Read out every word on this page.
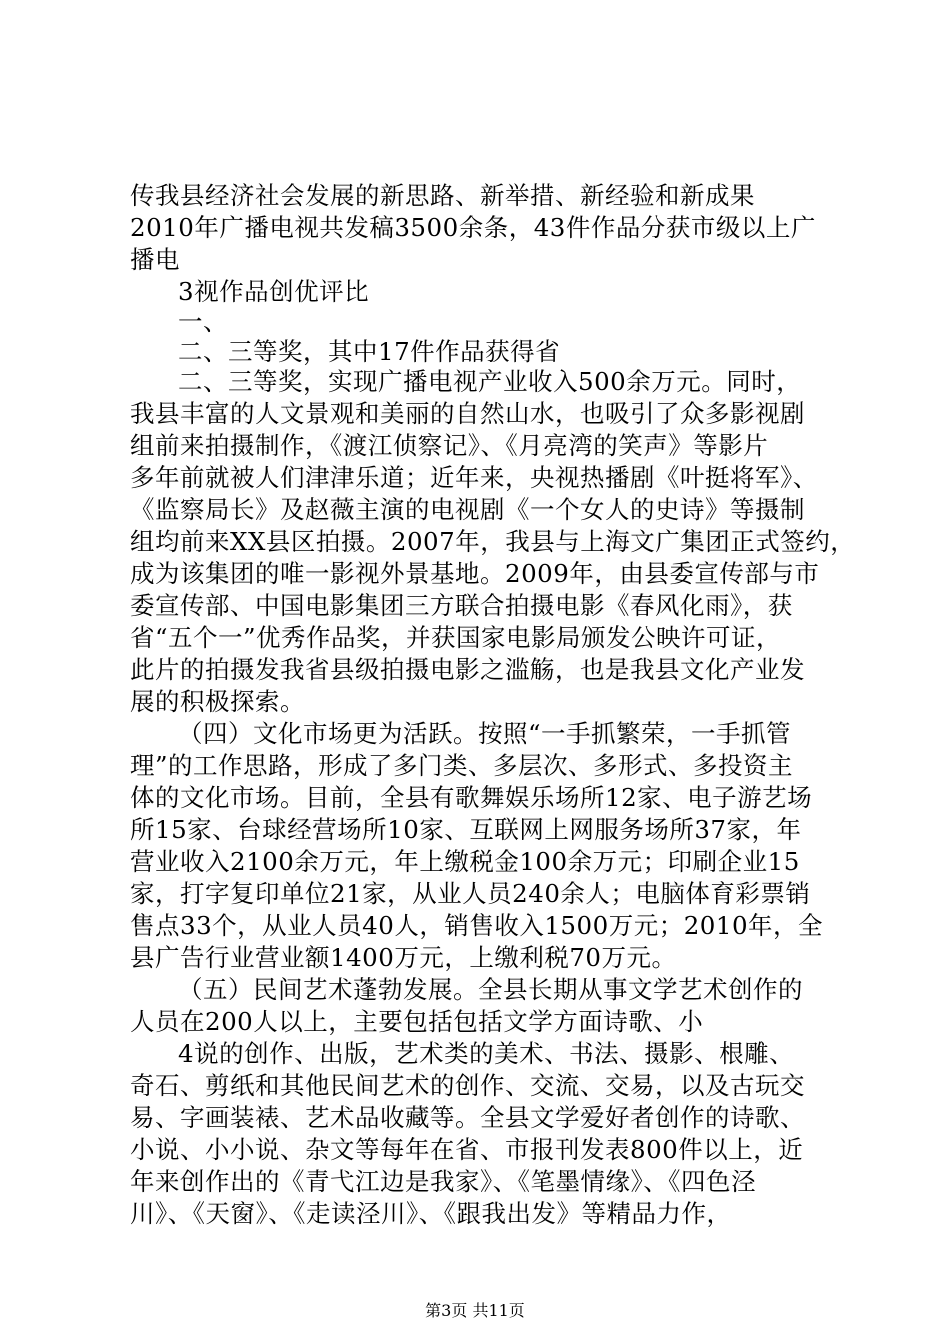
传我县经济社会发展的新思路、新举措、新经验和新成果
2010年广播电视共发稿3500余条，43件作品分获市级以上广
播电
3视作品创优评比
一、
二、三等奖，其中17件作品获得省
二、三等奖，实现广播电视产业收入500余万元。同时，
我县丰富的人文景观和美丽的自然山水，也吸引了众多影视剧
组前来拍摄制作，《渡江侦察记》、《月亮湾的笑声》等影片
多年前就被人们津津乐道；近年来，央视热播剧《叶挺将军》、
《监察局长》及赵薇主演的电视剧《一个女人的史诗》等摄制
组均前来XX县区拍摄。2007年，我县与上海文广集团正式签约，
成为该集团的唯一影视外景基地。2009年，由县委宣传部与市
委宣传部、中国电影集团三方联合拍摄电影《春风化雨》，获
省“五个一”优秀作品奖，并获国家电影局颁发公映许可证，
此片的拍摄发我省县级拍摄电影之滥觞，也是我县文化产业发
展的积极探索。
（四）文化市场更为活跃。按照“一手抓繁荣，一手抓管
理”的工作思路，形成了多门类、多层次、多形式、多投资主
体的文化市场。目前，全县有歌舞娱乐场所12家、电子游艺场
所15家、台球经营场所10家、互联网上网服务场所37家，年
营业收入2100余万元，年上缴税金100余万元；印刷企业15
家，打字复印单位21家，从业人员240余人；电脑体育彩票销
售点33个，从业人员40人，销售收入1500万元；2010年，全
县广告行业营业额1400万元，上缴利税70万元。
（五）民间艺术蓬勃发展。全县长期从事文学艺术创作的
人员在200人以上，主要包括包括文学方面诗歌、小
4说的创作、出版，艺术类的美术、书法、摄影、根雕、
奇石、剪纸和其他民间艺术的创作、交流、交易，以及古玩交
易、字画装裱、艺术品收藏等。全县文学爱好者创作的诗歌、
小说、小小说、杂文等每年在省、市报刊发表800件以上，近
年来创作出的《青弋江边是我家》、《笔墨情缘》、《四色泾
川》、《天窗》、《走读泾川》、《跟我出发》等精品力作，
第3页 共11页
